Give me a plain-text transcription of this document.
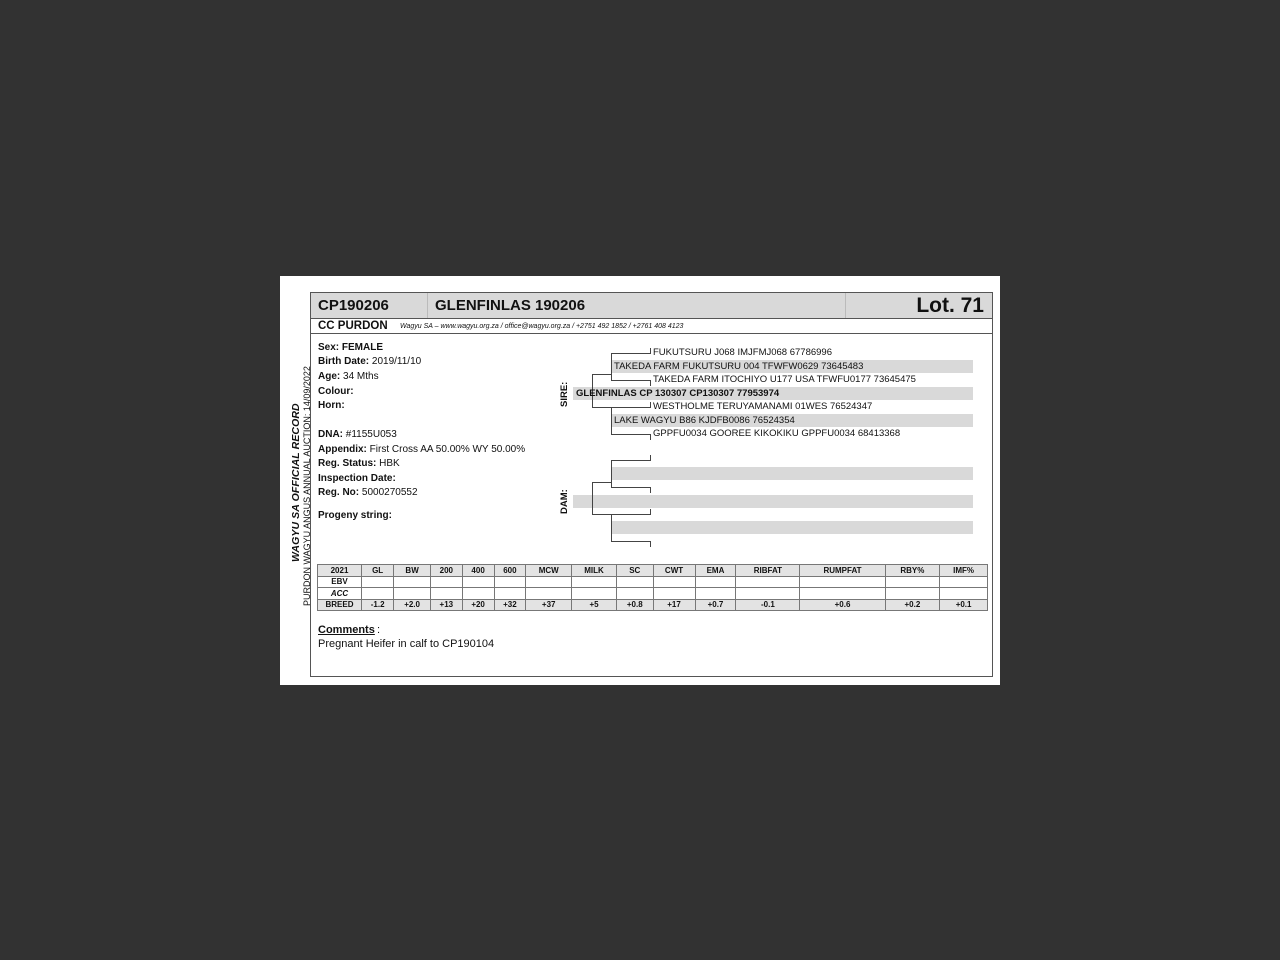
WAGYU SA OFFICIAL RECORD PURDON WAGYU ANGUS ANNUAL AUCTION: 14/09/2022
CP190206	GLENFINLAS 190206	Lot. 71
CC PURDON Wagyu SA – www.wagyu.org.za / office@wagyu.org.za / +2751 492 1852 / +2761 408 4123
Sex: FEMALE
Birth Date: 2019/11/10
Age: 34 Mths
Colour:
Horn:
DNA: #1155U053
Appendix: First Cross AA 50.00% WY 50.00%
Reg. Status: HBK
Inspection Date:
Reg. No: 5000270552
Progeny string:
SIRE:
DAM:
FUKUTSURU J068 IMJFMJ068 67786996
TAKEDA FARM FUKUTSURU 004 TFWFW0629 73645483
TAKEDA FARM ITOCHIYO U177 USA TFWFU0177 73645475
GLENFINLAS CP 130307 CP130307 77953974
WESTHOLME TERUYAMANAMI 01WES 76524347
LAKE WAGYU B86 KJDFB0086 76524354
GPPFU0034 GOOREE KIKOKIKU GPPFU0034 68413368
2021	GL	BW	200	400	600	MCW	MILK	SC	CWT	EMA	RIBFAT	RUMPFAT	RBY%	IMF%
EBV														
ACC														
BREED	-1.2	+2.0	+13	+20	+32	+37	+5	+0.8	+17	+0.7	-0.1	+0.6	+0.2	+0.1
Comments :
Pregnant Heifer in calf to CP190104
